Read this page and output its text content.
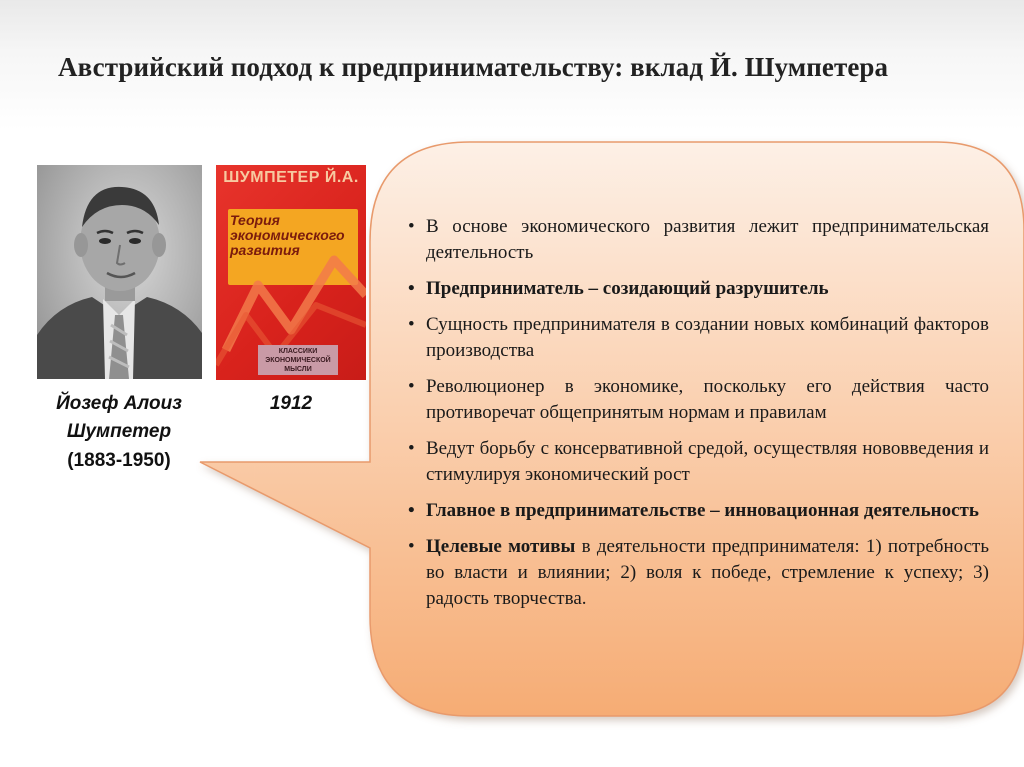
Австрийский подход к предпринимательству: вклад Й. Шумпетера
ШУМПЕТЕР Й.А.
Теория экономического развития
КЛАССИКИ ЭКОНОМИЧЕСКОЙ МЫСЛИ
Йозеф Алоиз Шумпетер
(1883-1950)
1912
• В основе экономического развития лежит предпринимательская деятельность
• Предприниматель – созидающий разрушитель
• Сущность предпринимателя в создании новых комбинаций факторов производства
• Революционер в экономике, поскольку его действия часто противоречат общепринятым нормам и правилам
• Ведут борьбу с консервативной средой, осуществляя нововведения и стимулируя экономический рост
• Главное в предпринимательстве – инновационная деятельность
• Целевые мотивы в деятельности предпринимателя: 1) потребность во власти и влиянии; 2) воля к победе, стремление к успеху; 3) радость творчества.
